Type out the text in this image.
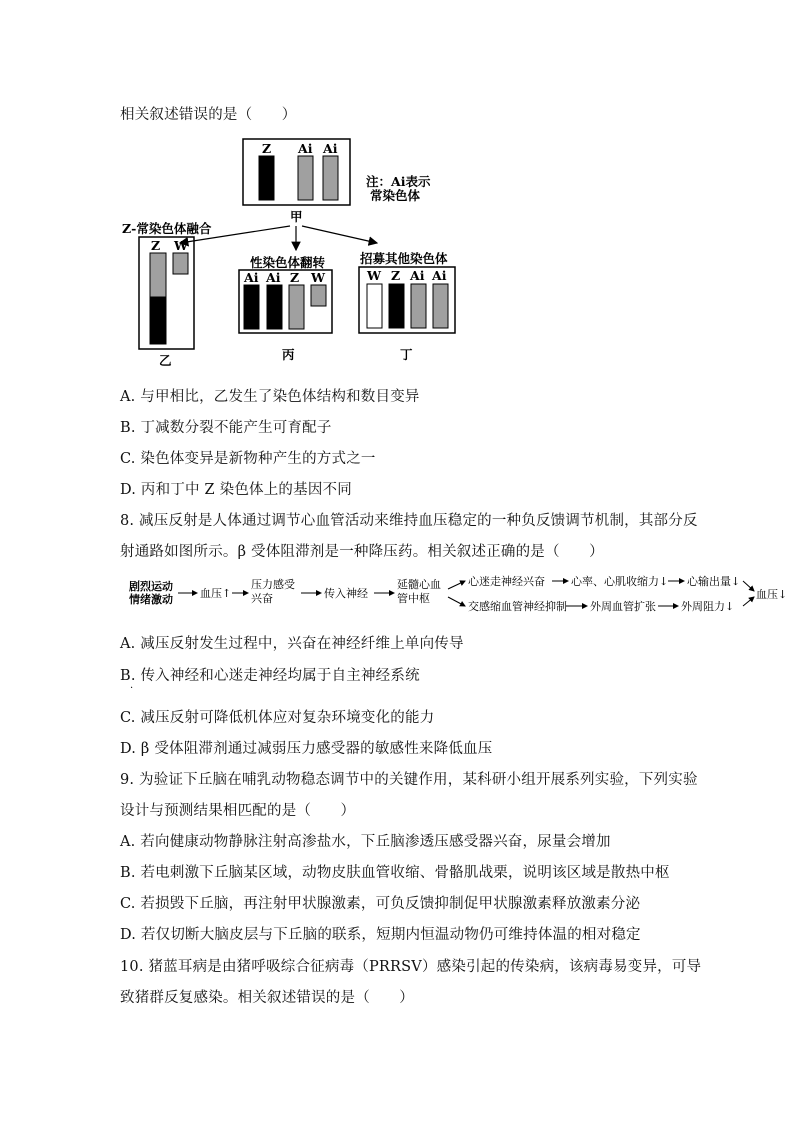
相关叙述错误的是（　　）
Z Ai Ai
注：Ai表示
常染色体
甲
Z-常染色体融合
Z W
乙
性染色体翻转
Ai Ai Z W
丙
招募其他染色体
W Z Ai Ai
丁
A. 与甲相比，乙发生了染色体结构和数目变异
B. 丁减数分裂不能产生可育配子
C. 染色体变异是新物种产生的方式之一
D. 丙和丁中 Z 染色体上的基因不同
8. 减压反射是人体通过调节心血管活动来维持血压稳定的一种负反馈调节机制，其部分反
射通路如图所示。β 受体阻滞剂是一种降压药。相关叙述正确的是（　　）
剧烈运动
情绪激动 血压↑
压力感受
兴奋	传入神经
延髓心血
管中枢
心迷走神经兴奋 心率、心肌收缩力↓ 心输出量↓
交感缩血管神经抑制 外周血管扩张 外周阻力↓
血压↓
A. 减压反射发生过程中，兴奋在神经纤维上单向传导
B. 传入神经和心迷走神经均属于自主神经系统
·
C. 减压反射可降低机体应对复杂环境变化的能力
D. β 受体阻滞剂通过减弱压力感受器的敏感性来降低血压
9. 为验证下丘脑在哺乳动物稳态调节中的关键作用，某科研小组开展系列实验，下列实验
设计与预测结果相匹配的是（　　）
A. 若向健康动物静脉注射高渗盐水，下丘脑渗透压感受器兴奋，尿量会增加
B. 若电刺激下丘脑某区域，动物皮肤血管收缩、骨骼肌战栗，说明该区域是散热中枢
C. 若损毁下丘脑，再注射甲状腺激素，可负反馈抑制促甲状腺激素释放激素分泌
D. 若仅切断大脑皮层与下丘脑的联系，短期内恒温动物仍可维持体温的相对稳定
10. 猪蓝耳病是由猪呼吸综合征病毒（PRRSV）感染引起的传染病，该病毒易变异，可导
致猪群反复感染。相关叙述错误的是（　　）
